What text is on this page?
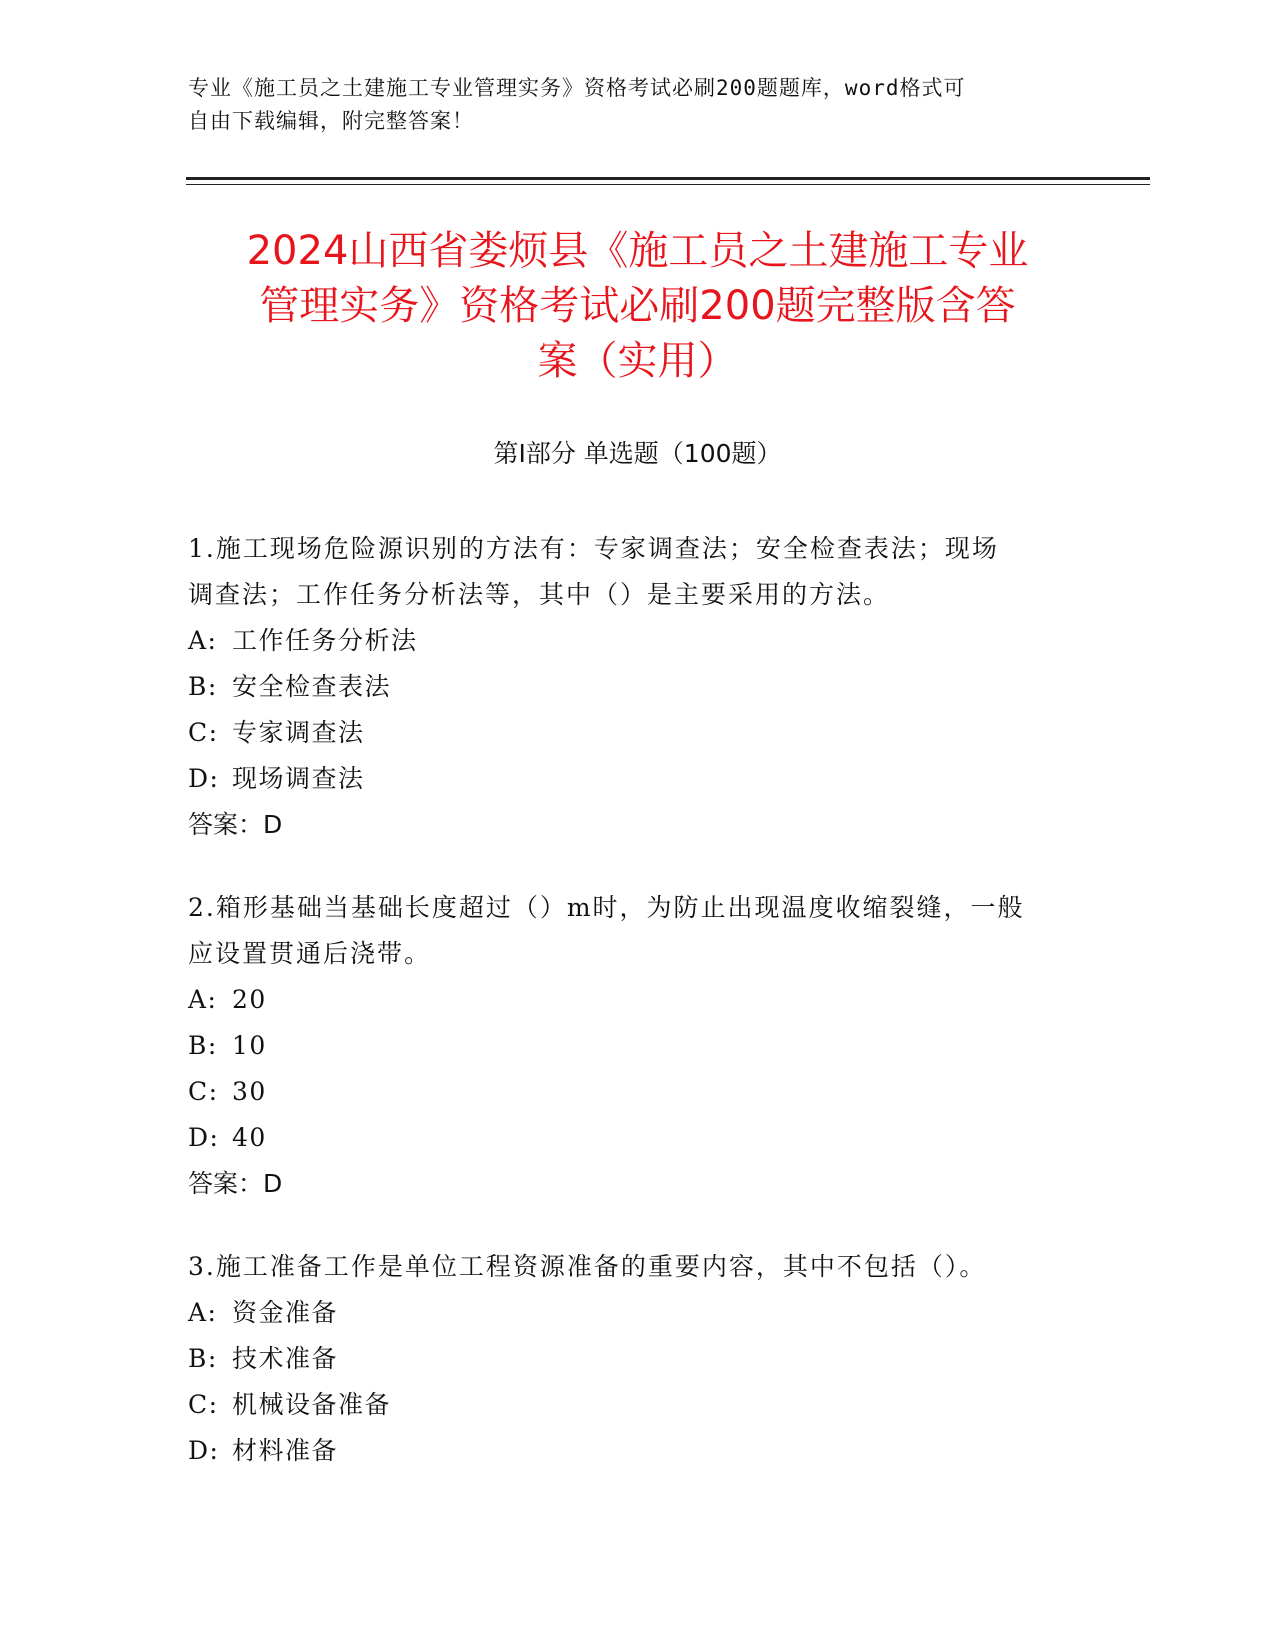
专业《施工员之土建施工专业管理实务》资格考试必刷200题题库，word格式可
自由下载编辑，附完整答案！
2024山西省娄烦县《施工员之土建施工专业
管理实务》资格考试必刷200题完整版含答
案（实用）
第Ⅰ部分 单选题（100题）
1.施工现场危险源识别的方法有：专家调查法；安全检查表法；现场
调查法；工作任务分析法等，其中（）是主要采用的方法。
A: 工作任务分析法
B: 安全检查表法
C: 专家调查法
D: 现场调查法
答案：D
2.箱形基础当基础长度超过（）m时，为防止出现温度收缩裂缝，一般
应设置贯通后浇带。
A: 20
B: 10
C: 30
D: 40
答案：D
3.施工准备工作是单位工程资源准备的重要内容，其中不包括（）。
A: 资金准备
B: 技术准备
C: 机械设备准备
D: 材料准备
